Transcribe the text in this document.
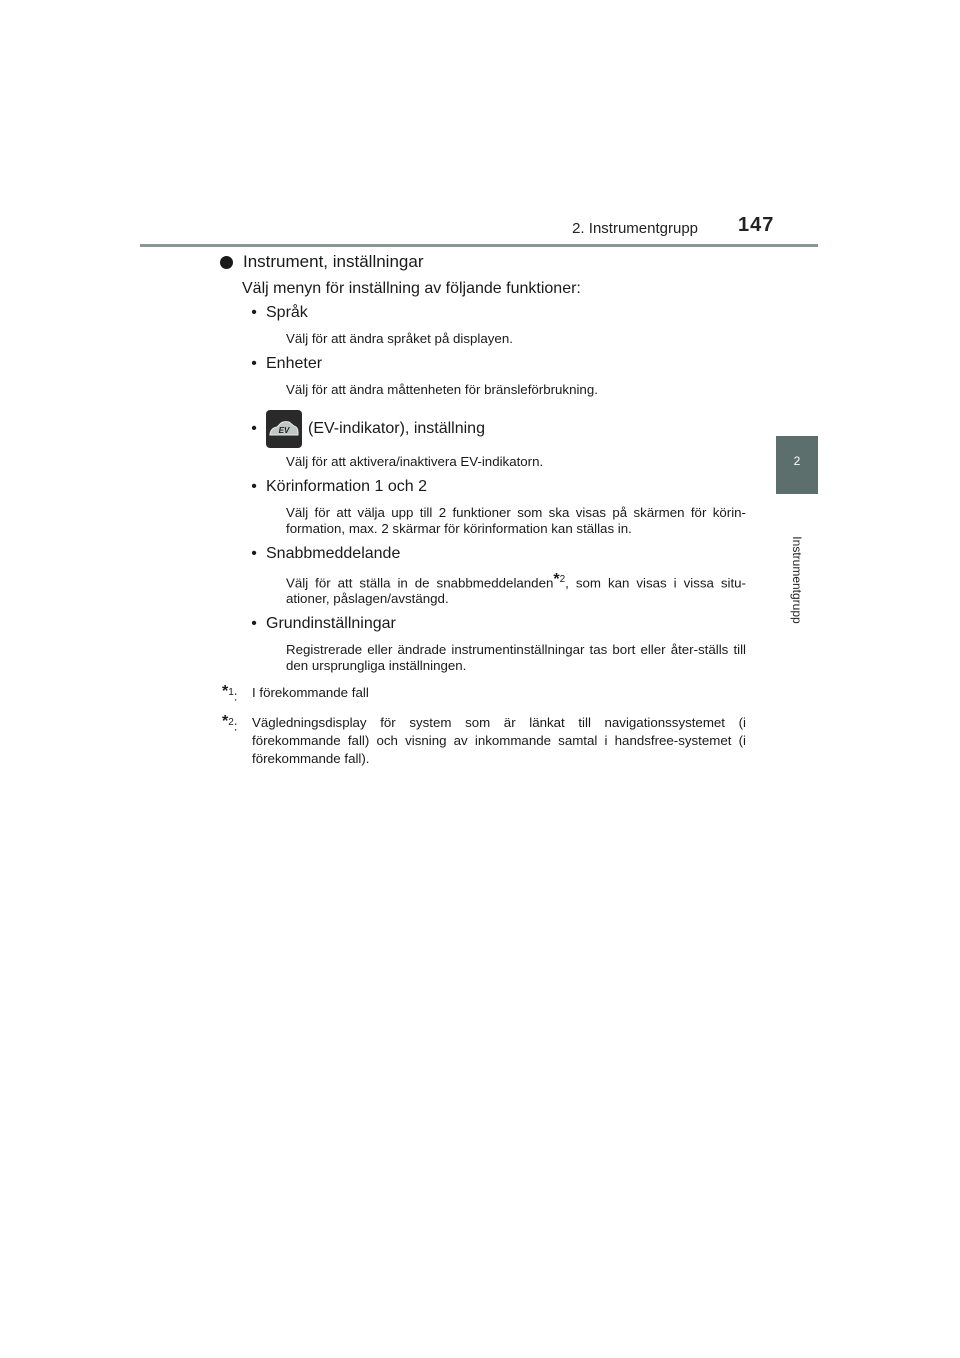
2. Instrumentgrupp 147
2
Instrumentgrupp
Instrument, inställningar
Välj menyn för inställning av följande funktioner:
• Språk
Välj för att ändra språket på displayen.
• Enheter
Välj för att ändra måttenheten för bränsleförbrukning.
•	EV (EV-indikator), inställning
Välj för att aktivera/inaktivera EV-indikatorn.
• Körinformation 1 och 2
Välj för att välja upp till 2 funktioner som ska visas på skärmen för körin-formation, max. 2 skärmar för körinformation kan ställas in.
• Snabbmeddelande
Välj för att ställa in de snabbmeddelanden*$^2$, som kan visas i vissa situ-ationer, påslagen/avstängd.
• Grundinställningar
Registrerade eller ändrade instrumentinställningar tas bort eller åter-ställs till den ursprungliga inställningen.
*$^1$:	I förekommande fall
*$^2$:	Vägledningsdisplay för system som är länkat till navigationssystemet (i förekommande fall) och visning av inkommande samtal i handsfree-systemet (i förekommande fall).
